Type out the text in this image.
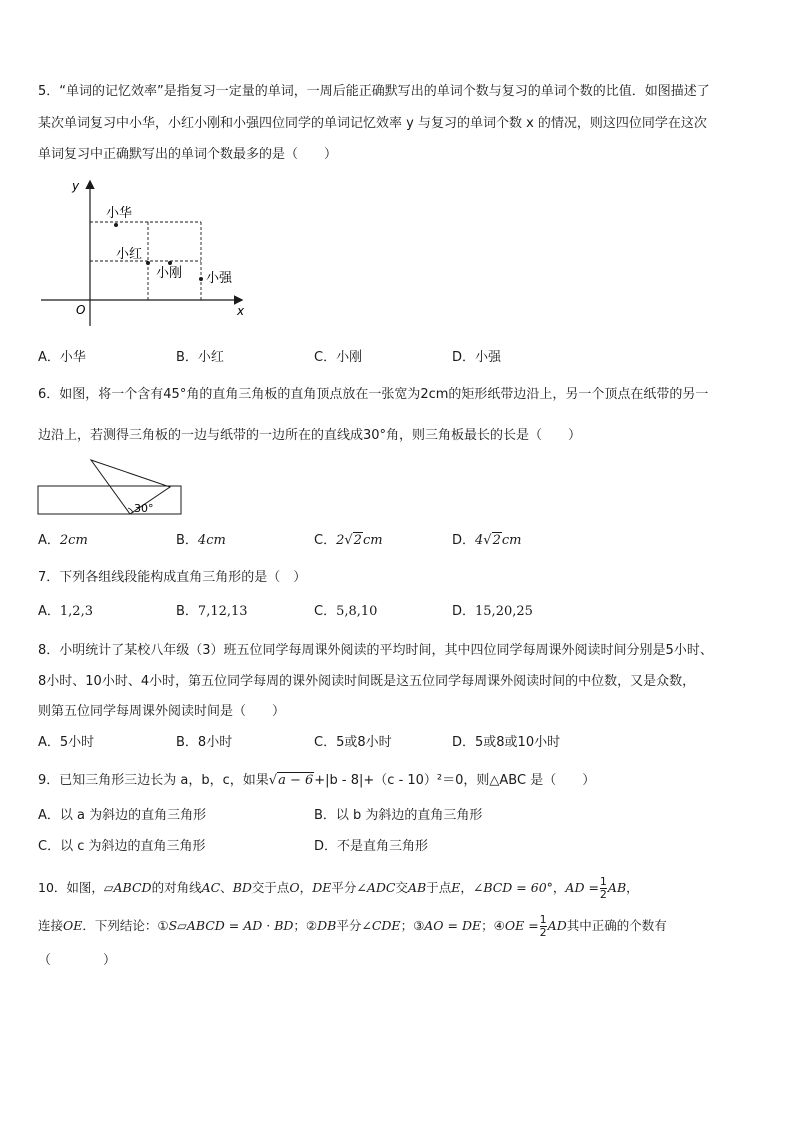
5．“单词的记忆效率”是指复习一定量的单词，一周后能正确默写出的单词个数与复习的单词个数的比值．如图描述了
某次单词复习中小华，小红小刚和小强四位同学的单词记忆效率 y 与复习的单词个数 x 的情况，则这四位同学在这次
单词复习中正确默写出的单词个数最多的是（　　）
y
x
O
小华
小红
小刚 小强
A．小华	B．小红	C．小刚	D．小强
6．如图，将一个含有45°角的直角三角板的直角顶点放在一张宽为2cm的矩形纸带边沿上，另一个顶点在纸带的另一
边沿上，若测得三角板的一边与纸带的一边所在的直线成30°角，则三角板最长的长是（　　）
30°
A．2cm	B．4cm	C．2√2cm	D．4√2cm
7．下列各组线段能构成直角三角形的是（　）
A．1,2,3	B．7,12,13	C．5,8,10	D．15,20,25
8．小明统计了某校八年级（3）班五位同学每周课外阅读的平均时间，其中四位同学每周课外阅读时间分别是5小时、
8小时、10小时、4小时，第五位同学每周的课外阅读时间既是这五位同学每周课外阅读时间的中位数，又是众数，
则第五位同学每周课外阅读时间是（　　）
A．5小时	B．8小时	C．5或8小时	D．5或8或10小时
9．已知三角形三边长为 a，b，c，如果√a − 6+|b - 8|+（c - 10）²＝0，则△ABC 是（　　）
A．以 a 为斜边的直角三角形	B．以 b 为斜边的直角三角形
C．以 c 为斜边的直角三角形	D．不是直角三角形
10．如图，▱ABCD的对角线AC、BD交于点O，DE平分∠ADC交AB于点E，∠BCD = 60°，AD = $\frac{1}{2}$ AB，
连接OE．下列结论：①S▱ABCD = AD · BD；②DB平分∠CDE；③AO = DE；④OE = $\frac{1}{2}$ AD其中正确的个数有
（　　　　）
